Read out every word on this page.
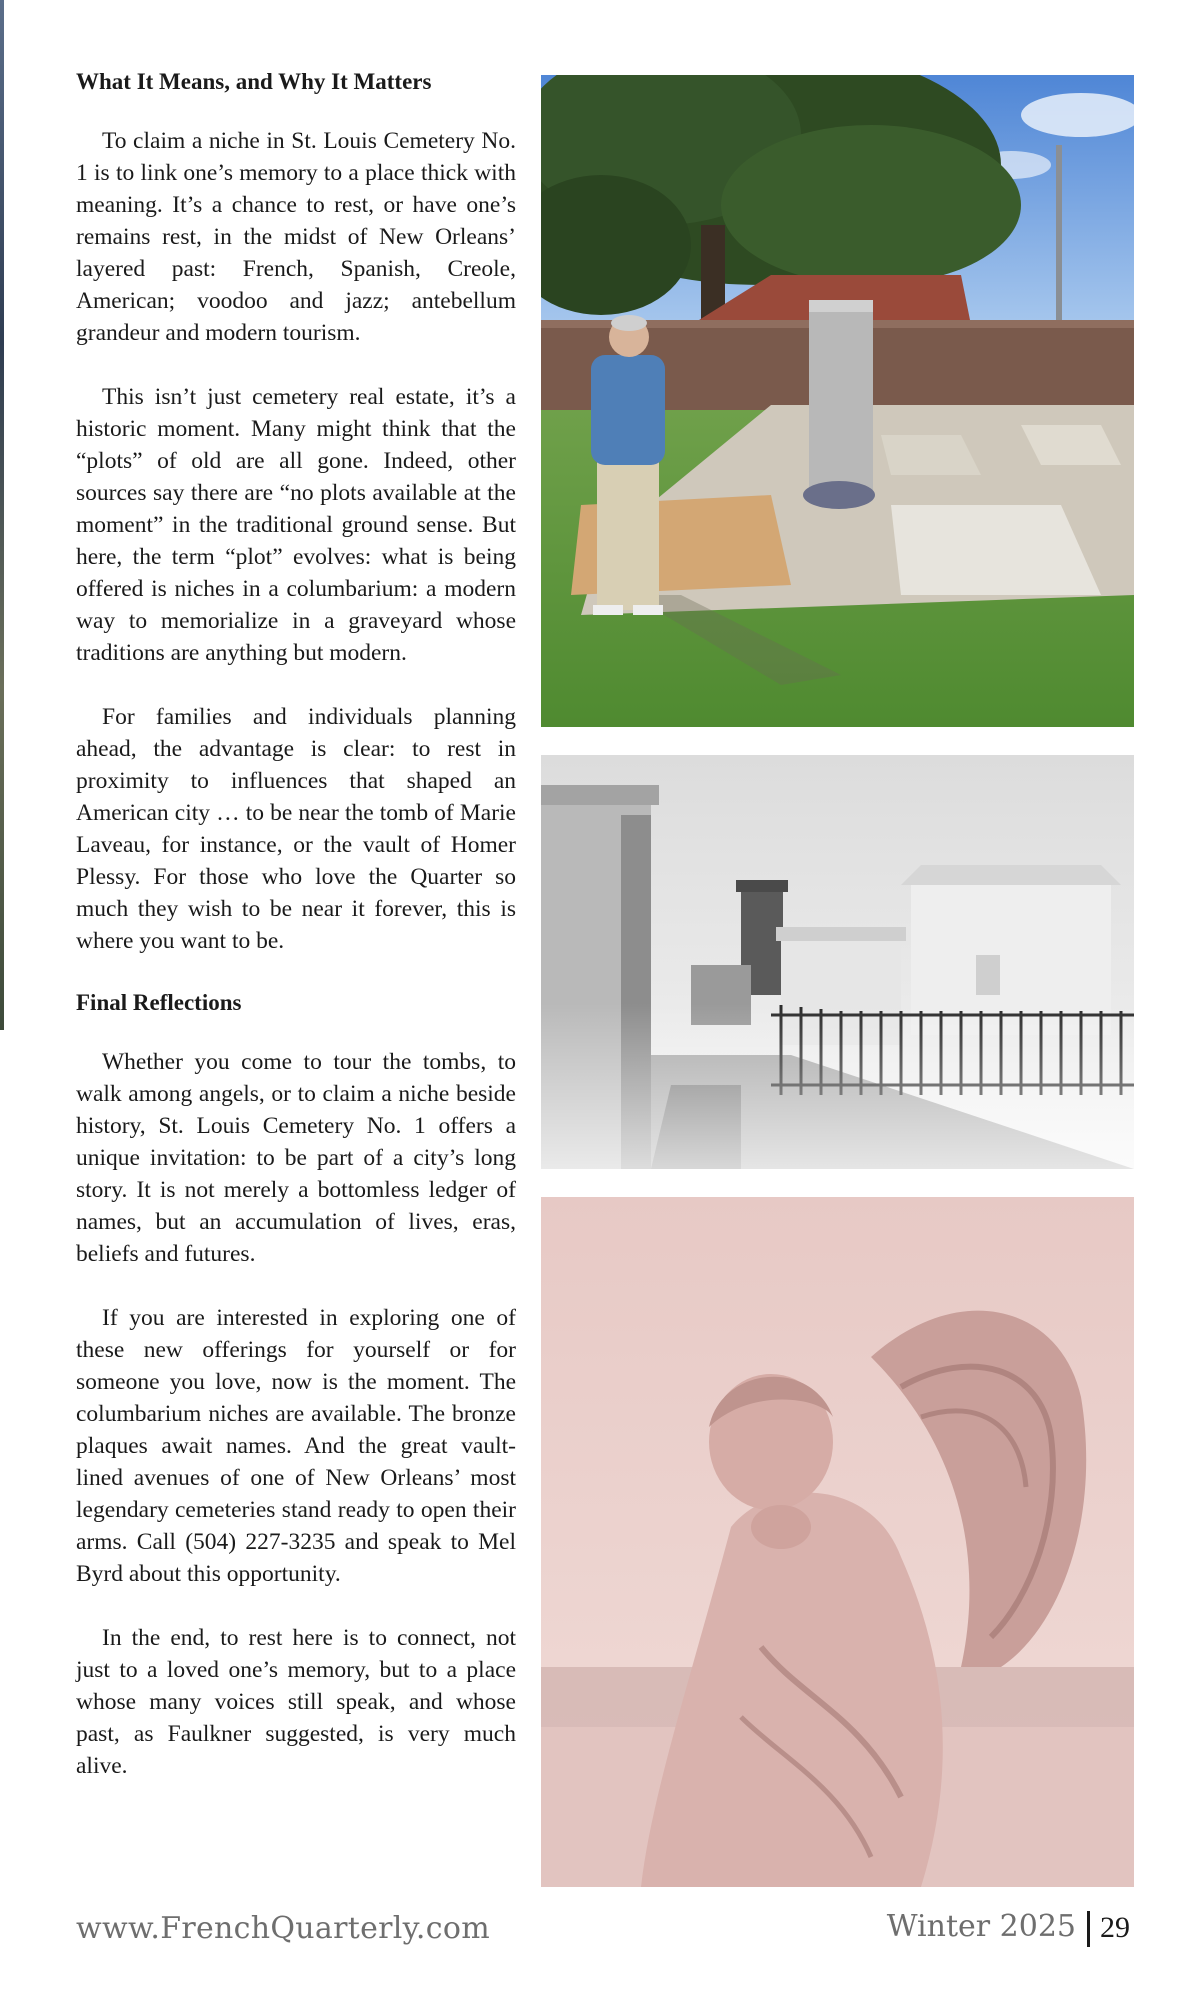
What It Means, and Why It Matters

To claim a niche in St. Louis Cemetery No. 1 is to link one’s memory to a place thick with meaning. It’s a chance to rest, or have one’s remains rest, in the midst of New Orleans’ layered past: French, Spanish, Creole, American; voodoo and jazz; antebellum grandeur and modern tourism.

This isn’t just cemetery real estate, it’s a historic moment. Many might think that the “plots” of old are all gone. Indeed, other sources say there are “no plots available at the moment” in the traditional ground sense. But here, the term “plot” evolves: what is being offered is niches in a columbarium: a modern way to memorialize in a graveyard whose traditions are anything but modern.

For families and individuals planning ahead, the advantage is clear: to rest in proximity to influences that shaped an American city … to be near the tomb of Marie Laveau, for instance, or the vault of Homer Plessy. For those who love the Quarter so much they wish to be near it forever, this is where you want to be.

Final Reflections

Whether you come to tour the tombs, to walk among angels, or to claim a niche beside history, St. Louis Cemetery No. 1 offers a unique invitation: to be part of a city’s long story. It is not merely a bottomless ledger of names, but an accumulation of lives, eras, beliefs and futures.

If you are interested in exploring one of these new offerings for yourself or for someone you love, now is the moment. The columbarium niches are available. The bronze plaques await names. And the great vault-lined avenues of one of New Orleans’ most legendary cemeteries stand ready to open their arms. Call (504) 227-3235 and speak to Mel Byrd about this opportunity.

In the end, to rest here is to connect, not just to a loved one’s memory, but to a place whose many voices still speak, and whose past, as Faulkner suggested, is very much alive.

www.FrenchQuarterly.com	Winter 2025 29
